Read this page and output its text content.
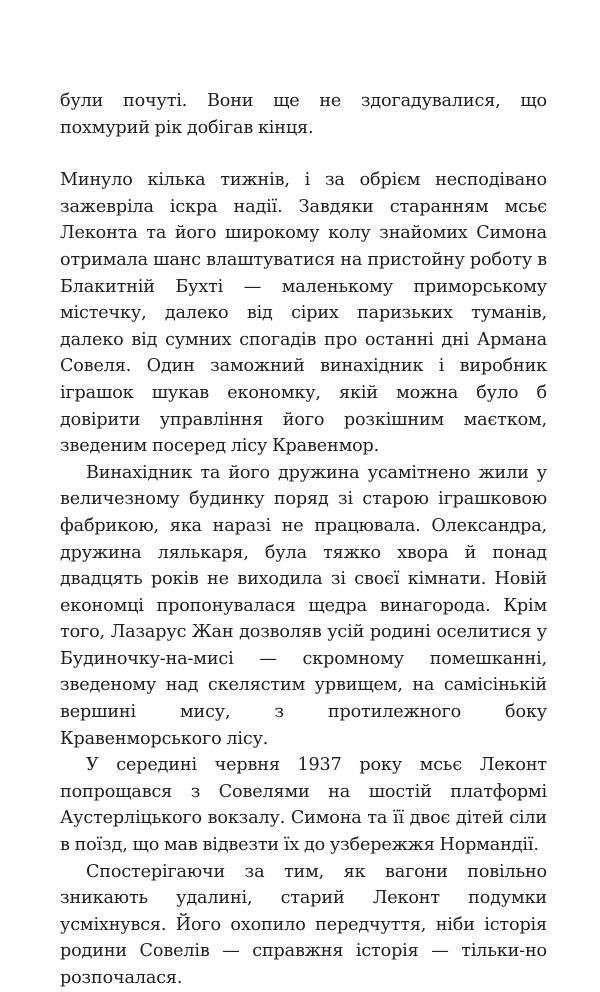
були почуті. Вони ще не здогадувалися, що похмурий рік добігав кінця.

Минуло кілька тижнів, і за обрієм несподівано зажевріла іскра надії. Завдяки старанням мсьє Леконта та його широкому колу знайомих Симона отримала шанс влаштуватися на пристойну роботу в Блакитній Бухті — маленькому приморському містечку, далеко від сірих паризьких туманів, далеко від сумних спогадів про останні дні Армана Совеля. Один заможний винахідник і виробник іграшок шукав економку, якій можна було б довірити управління його розкішним маєтком, зведеним посеред лісу Кравенмор.

Винахідник та його дружина усамітнено жили у величезному будинку поряд зі старою іграшковою фабрикою, яка наразі не працювала. Олександра, дружина лялькаря, була тяжко хвора й понад двадцять років не виходила зі своєї кімнати. Новій економці пропонувалася щедра винагорода. Крім того, Лазарус Жан дозволяв усій родині оселитися у Будиночку-на-мисі — скромному помешканні, зведеному над скелястим урвищем, на самісінькій вершині мису, з протилежного боку Кравенморського лісу.

У середині червня 1937 року мсьє Леконт попрощався з Совелями на шостій платформі Аустерліцького вокзалу. Симона та її двоє дітей сіли в поїзд, що мав відвезти їх до узбережжя Нормандії.

Спостерігаючи за тим, як вагони повільно зникають удалині, старий Леконт подумки усміхнувся. Його охопило передчуття, ніби історія родини Совелів — справжня історія — тільки-но розпочалася.
